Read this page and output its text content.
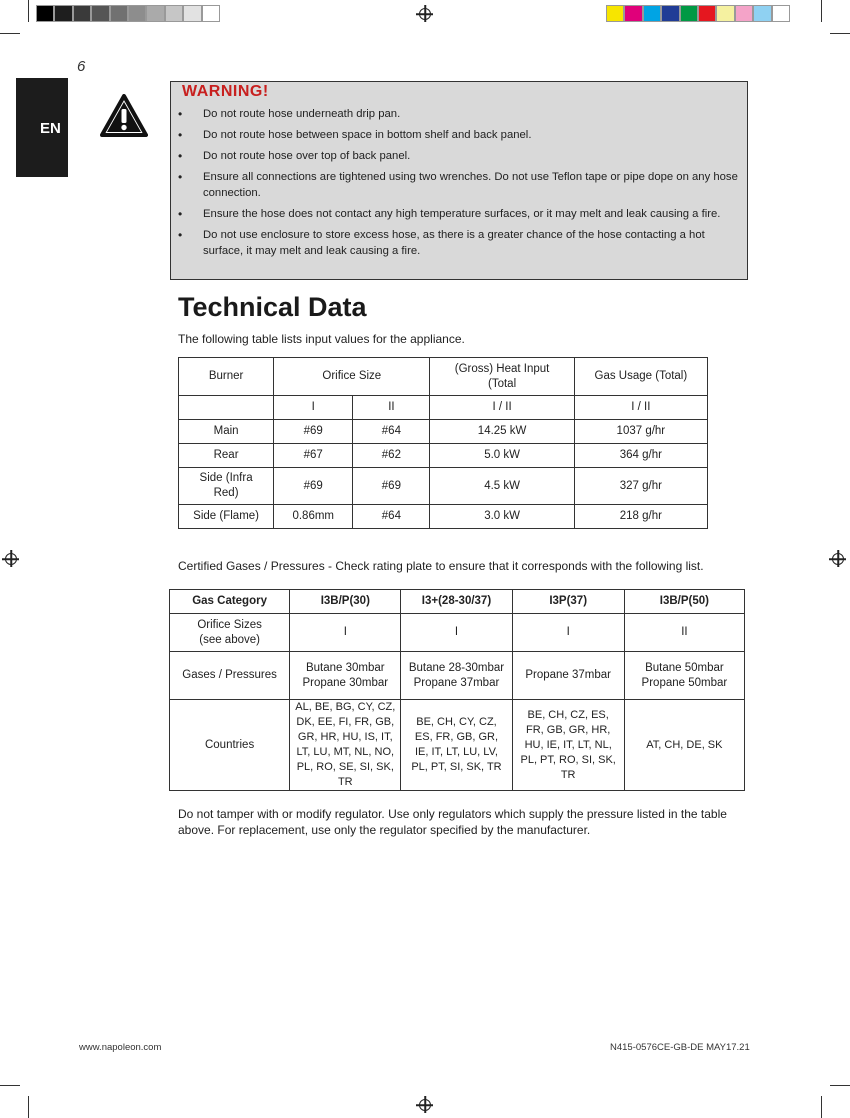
6
EN
WARNING!
• Do not route hose underneath drip pan.
• Do not route hose between space in bottom shelf and back panel.
• Do not route hose over top of back panel.
• Ensure all connections are tightened using two wrenches. Do not use Teflon tape or pipe dope on any hose connection.
• Ensure the hose does not contact any high temperature surfaces, or it may melt and leak causing a fire.
• Do not use enclosure to store excess hose, as there is a greater chance of the hose contacting a hot surface, it may melt and leak causing a fire.
Technical Data
The following table lists input values for the appliance.
Burner	Orifice Size		(Gross) Heat Input (Total	Gas Usage (Total)
	I	II	I / II	I / II
Main	#69	#64	14.25 kW	1037 g/hr
Rear	#67	#62	5.0 kW	364 g/hr
Side (Infra Red)	#69	#69	4.5 kW	327 g/hr
Side (Flame)	0.86mm	#64	3.0 kW	218 g/hr
Certified Gases / Pressures - Check rating plate to ensure that it corresponds with the following list.
Gas Category	I3B/P(30)	I3+(28-30/37)	I3P(37)	I3B/P(50)
Orifice Sizes (see above)	I	I	I	II
Gases / Pressures	Butane 30mbar Propane 30mbar	Butane 28-30mbar Propane 37mbar	Propane 37mbar	Butane 50mbar Propane 50mbar
Countries	AL, BE, BG, CY, CZ, DK, EE, FI, FR, GB, GR, HR, HU, IS, IT, LT, LU, MT, NL, NO, PL, RO, SE, SI, SK, TR	BE, CH, CY, CZ, ES, FR, GB, GR, IE, IT, LT, LU, LV, PL, PT, SI, SK, TR	BE, CH, CZ, ES, FR, GB, GR, HR, HU, IE, IT, LT, NL, PL, PT, RO, SI, SK, TR	AT, CH, DE, SK
Do not tamper with or modify regulator. Use only regulators which supply the pressure listed in the table above. For replacement, use only the regulator specified by the manufacturer.
www.napoleon.com	N415-0576CE-GB-DE MAY17.21
